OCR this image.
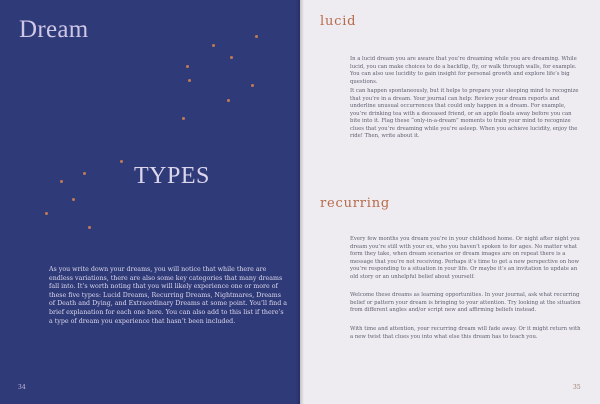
Dream
TYPES

As you write down your dreams, you will notice that while there are endless variations, there are also some key categories that many dreams fall into. It’s worth noting that you will likely experience one or more of these five types: Lucid Dreams, Recurring Dreams, Nightmares, Dreams of Death and Dying, and Extraordinary Dreams at some point. You’ll find a brief explanation for each one here. You can also add to this list if there’s a type of dream you experience that hasn’t been included.

34
lucid

In a lucid dream you are aware that you’re dreaming while you are dreaming. While lucid, you can make choices to do a backflip, fly, or walk through walls, for example. You can also use lucidity to gain insight for personal growth and explore life’s big questions.

It can happen spontaneously, but it helps to prepare your sleeping mind to recognize that you’re in a dream. Your journal can help: Review your dream reports and underline unusual occurrences that could only happen in a dream. For example, you’re drinking tea with a deceased friend, or an apple floats away before you can bite into it. Flag these “only-in-a-dream” moments to train your mind to recognize clues that you’re dreaming while you’re asleep. When you achieve lucidity, enjoy the ride! Then, write about it.

recurring

Every few months you dream you’re in your childhood home. Or night after night you dream you’re still with your ex, who you haven’t spoken to for ages. No matter what form they take, when dream scenarios or dream images are on repeat there is a message that you’re not receiving. Perhaps it’s time to get a new perspective on how you’re responding to a situation in your life. Or maybe it’s an invitation to update an old story or an unhelpful belief about yourself.

Welcome these dreams as learning opportunities. In your journal, ask what recurring belief or pattern your dream is bringing to your attention. Try looking at the situation from different angles and/or script new and affirming beliefs instead.

With time and attention, your recurring dream will fade away. Or it might return with a new twist that clues you into what else this dream has to teach you.

35
